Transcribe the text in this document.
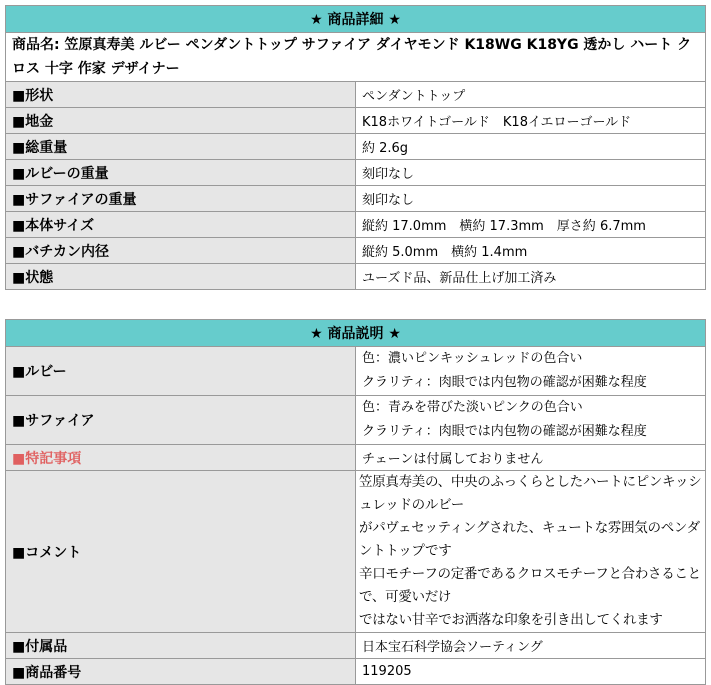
★ 商品詳細 ★	
商品名: 笠原真寿美 ルビー ペンダントトップ サファイア ダイヤモンド K18WG K18YG 透かし ハート クロス 十字 作家 デザイナー	
■形状	ペンダントトップ
■地金	K18ホワイトゴールド　K18イエローゴールド
■総重量	約 2.6g
■ルビーの重量	刻印なし
■サファイアの重量	刻印なし
■本体サイズ	縦約 17.0mm　横約 17.3mm　厚さ約 6.7mm
■バチカン内径	縦約 5.0mm　横約 1.4mm
■状態	ユーズド品、新品仕上げ加工済み
★ 商品説明 ★	
■ルビー	色：濃いピンキッシュレッドの色合い
クラリティ：肉眼では内包物の確認が困難な程度

■サファイア	色：青みを帯びた淡いピンクの色合い
クラリティ：肉眼では内包物の確認が困難な程度

■特記事項	チェーンは付属しておりません
■コメント	笠原真寿美の、中央のふっくらとしたハートにピンキッシュレッドのルビー
がパヴェセッティングされた、キュートな雰囲気のペンダントトップです
辛口モチーフの定番であるクロスモチーフと合わさることで、可愛いだけ
ではない甘辛でお洒落な印象を引き出してくれます

■付属品	日本宝石科学協会ソーティング
■商品番号	119205
